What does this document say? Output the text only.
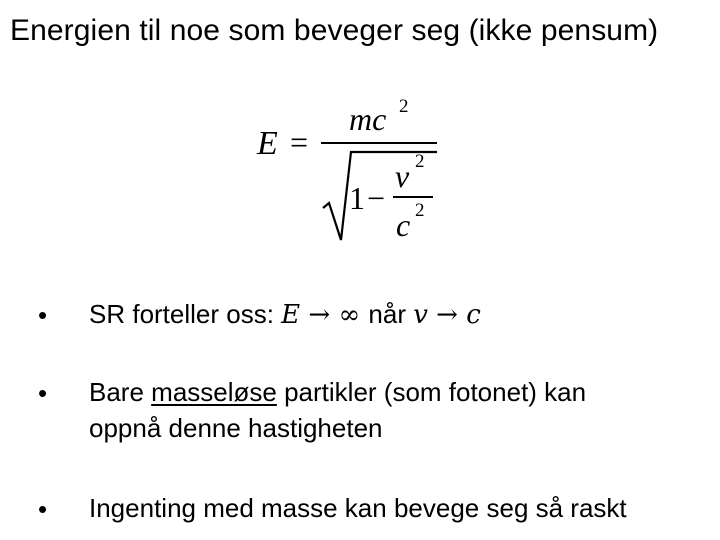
Energien til noe som beveger seg (ikke pensum)
E =
mc 2
1 −
v 2
c 2
• SR forteller oss: E → ∞ når v → c
• Bare masseløse partikler (som fotonet) kan
oppnå denne hastigheten
• Ingenting med masse kan bevege seg så raskt
